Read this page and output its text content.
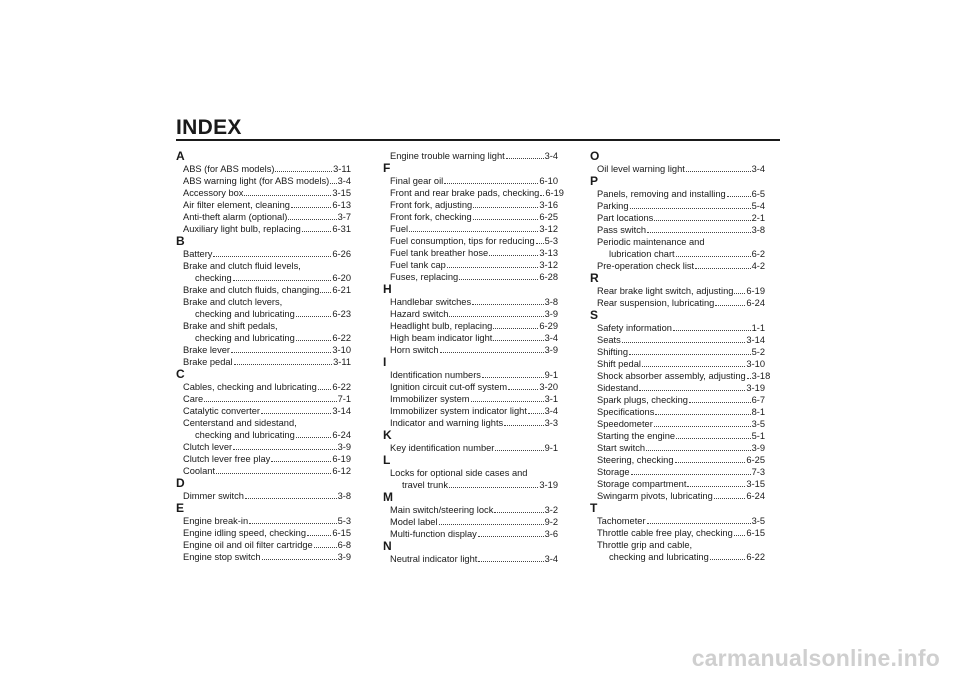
INDEX
A
ABS (for ABS models)	3-11
ABS warning light (for ABS models) 3-4
Accessory box	3-15
Air filter element, cleaning	6-13
Anti-theft alarm (optional)	3-7
Auxiliary light bulb, replacing	6-31
B
Battery	6-26
Brake and clutch fluid levels,
checking	6-20
Brake and clutch fluids, changing 6-21
Brake and clutch levers,
checking and lubricating	6-23
Brake and shift pedals,
checking and lubricating	6-22
Brake lever	3-10
Brake pedal	3-11
C
Cables, checking and lubricating 6-22
Care	7-1
Catalytic converter	3-14
Centerstand and sidestand,
checking and lubricating	6-24
Clutch lever	3-9
Clutch lever free play	6-19
Coolant	6-12
D
Dimmer switch	3-8
E
Engine break-in	5-3
Engine idling speed, checking	6-15
Engine oil and oil filter cartridge	6-8
Engine stop switch	3-9
Engine trouble warning light	3-4
F
Final gear oil	6-10
Front and rear brake pads, checking 6-19
Front fork, adjusting	3-16
Front fork, checking	6-25
Fuel	3-12
Fuel consumption, tips for reducing 5-3
Fuel tank breather hose	3-13
Fuel tank cap	3-12
Fuses, replacing	6-28
H
Handlebar switches	3-8
Hazard switch	3-9
Headlight bulb, replacing	6-29
High beam indicator light	3-4
Horn switch	3-9
I
Identification numbers	9-1
Ignition circuit cut-off system	3-20
Immobilizer system	3-1
Immobilizer system indicator light 3-4
Indicator and warning lights	3-3
K
Key identification number	9-1
L
Locks for optional side cases and
travel trunk	3-19
M
Main switch/steering lock	3-2
Model label	9-2
Multi-function display	3-6
N
Neutral indicator light	3-4
O
Oil level warning light	3-4
P
Panels, removing and installing	6-5
Parking	5-4
Part locations	2-1
Pass switch	3-8
Periodic maintenance and
lubrication chart	6-2
Pre-operation check list	4-2
R
Rear brake light switch, adjusting 6-19
Rear suspension, lubricating	6-24
S
Safety information	1-1
Seats	3-14
Shifting	5-2
Shift pedal	3-10
Shock absorber assembly, adjusting 3-18
Sidestand	3-19
Spark plugs, checking	6-7
Specifications	8-1
Speedometer	3-5
Starting the engine	5-1
Start switch	3-9
Steering, checking	6-25
Storage	7-3
Storage compartment	3-15
Swingarm pivots, lubricating	6-24
T
Tachometer	3-5
Throttle cable free play, checking 6-15
Throttle grip and cable,
checking and lubricating	6-22
carmanualsonline.info
